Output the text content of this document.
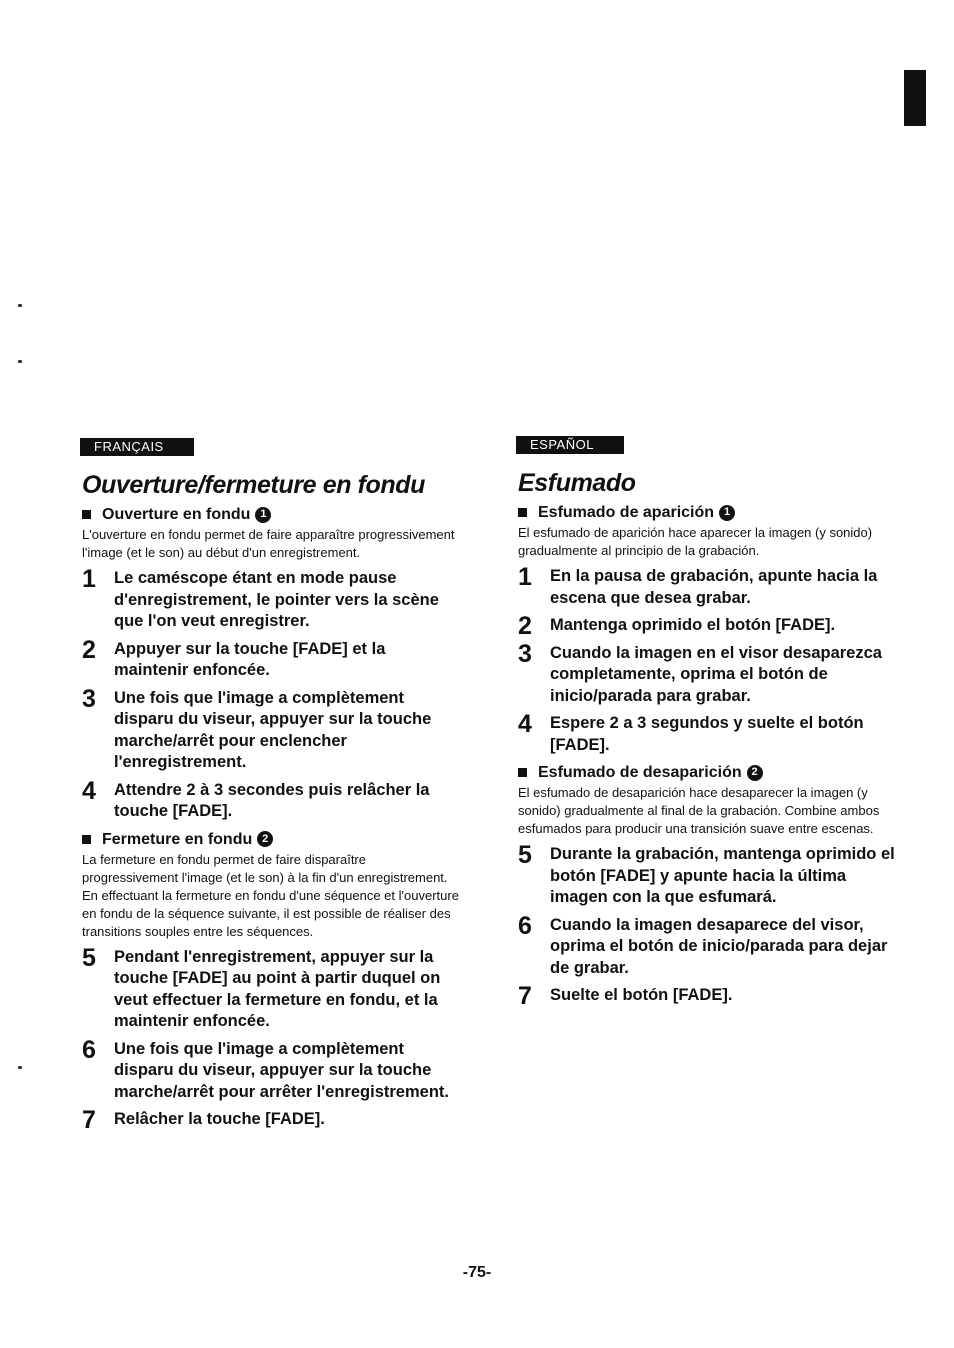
FRANÇAIS
Ouverture/fermeture en fondu
Ouverture en fondu 1

L'ouverture en fondu permet de faire apparaître progressivement l'image (et le son) au début d'un enregistrement.

1 Le caméscope étant en mode pause d'enregistrement, le pointer vers la scène que l'on veut enregistrer.
2 Appuyer sur la touche [FADE] et la maintenir enfoncée.
3 Une fois que l'image a complètement disparu du viseur, appuyer sur la touche marche/arrêt pour enclencher l'enregistrement.
4 Attendre 2 à 3 secondes puis relâcher la touche [FADE].
Fermeture en fondu 2

La fermeture en fondu permet de faire disparaître progressivement l'image (et le son) à la fin d'un enregistrement. En effectuant la fermeture en fondu d'une séquence et l'ouverture en fondu de la séquence suivante, il est possible de réaliser des transitions souples entre les séquences.

5 Pendant l'enregistrement, appuyer sur la touche [FADE] au point à partir duquel on veut effectuer la fermeture en fondu, et la maintenir enfoncée.
6 Une fois que l'image a complètement disparu du viseur, appuyer sur la touche marche/arrêt pour arrêter l'enregistrement.
7 Relâcher la touche [FADE].
ESPAÑOL
Esfumado
Esfumado de aparición 1

El esfumado de aparición hace aparecer la imagen (y sonido) gradualmente al principio de la grabación.

1 En la pausa de grabación, apunte hacia la escena que desea grabar.
2 Mantenga oprimido el botón [FADE].
3 Cuando la imagen en el visor desaparezca completamente, oprima el botón de inicio/parada para grabar.
4 Espere 2 a 3 segundos y suelte el botón [FADE].
Esfumado de desaparición 2

El esfumado de desaparición hace desaparecer la imagen (y sonido) gradualmente al final de la grabación. Combine ambos esfumados para producir una transición suave entre escenas.

5 Durante la grabación, mantenga oprimido el botón [FADE] y apunte hacia la última imagen con la que esfumará.
6 Cuando la imagen desaparece del visor, oprima el botón de inicio/parada para dejar de grabar.
7 Suelte el botón [FADE].
-75-
